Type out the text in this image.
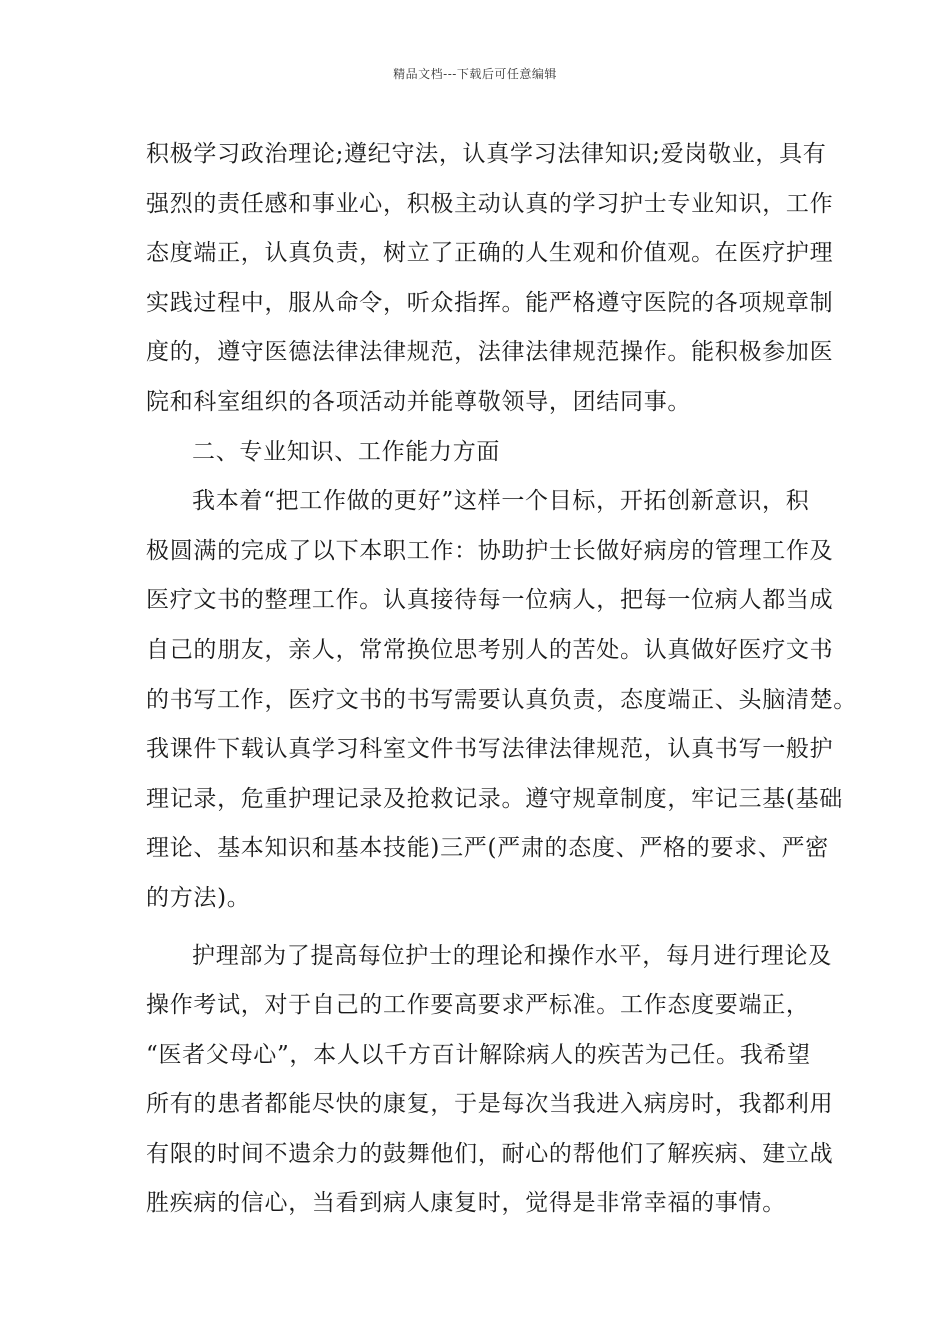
精品文档---下载后可任意编辑
积极学习政治理论;遵纪守法，认真学习法律知识;爱岗敬业，具有
强烈的责任感和事业心，积极主动认真的学习护士专业知识，工作
态度端正，认真负责，树立了正确的人生观和价值观。在医疗护理
实践过程中，服从命令，听众指挥。能严格遵守医院的各项规章制
度的，遵守医德法律法律规范，法律法律规范操作。能积极参加医
院和科室组织的各项活动并能尊敬领导，团结同事。
二、专业知识、工作能力方面
我本着“把工作做的更好”这样一个目标，开拓创新意识，积
极圆满的完成了以下本职工作：协助护士长做好病房的管理工作及
医疗文书的整理工作。认真接待每一位病人，把每一位病人都当成
自己的朋友，亲人，常常换位思考别人的苦处。认真做好医疗文书
的书写工作，医疗文书的书写需要认真负责，态度端正、头脑清楚。
我课件下载认真学习科室文件书写法律法律规范，认真书写一般护
理记录，危重护理记录及抢救记录。遵守规章制度，牢记三基(基础
理论、基本知识和基本技能)三严(严肃的态度、严格的要求、严密
的方法)。
护理部为了提高每位护士的理论和操作水平，每月进行理论及
操作考试，对于自己的工作要高要求严标准。工作态度要端正，
“医者父母心”，本人以千方百计解除病人的疾苦为己任。我希望
所有的患者都能尽快的康复，于是每次当我进入病房时，我都利用
有限的时间不遗余力的鼓舞他们，耐心的帮他们了解疾病、建立战
胜疾病的信心，当看到病人康复时，觉得是非常幸福的事情。
